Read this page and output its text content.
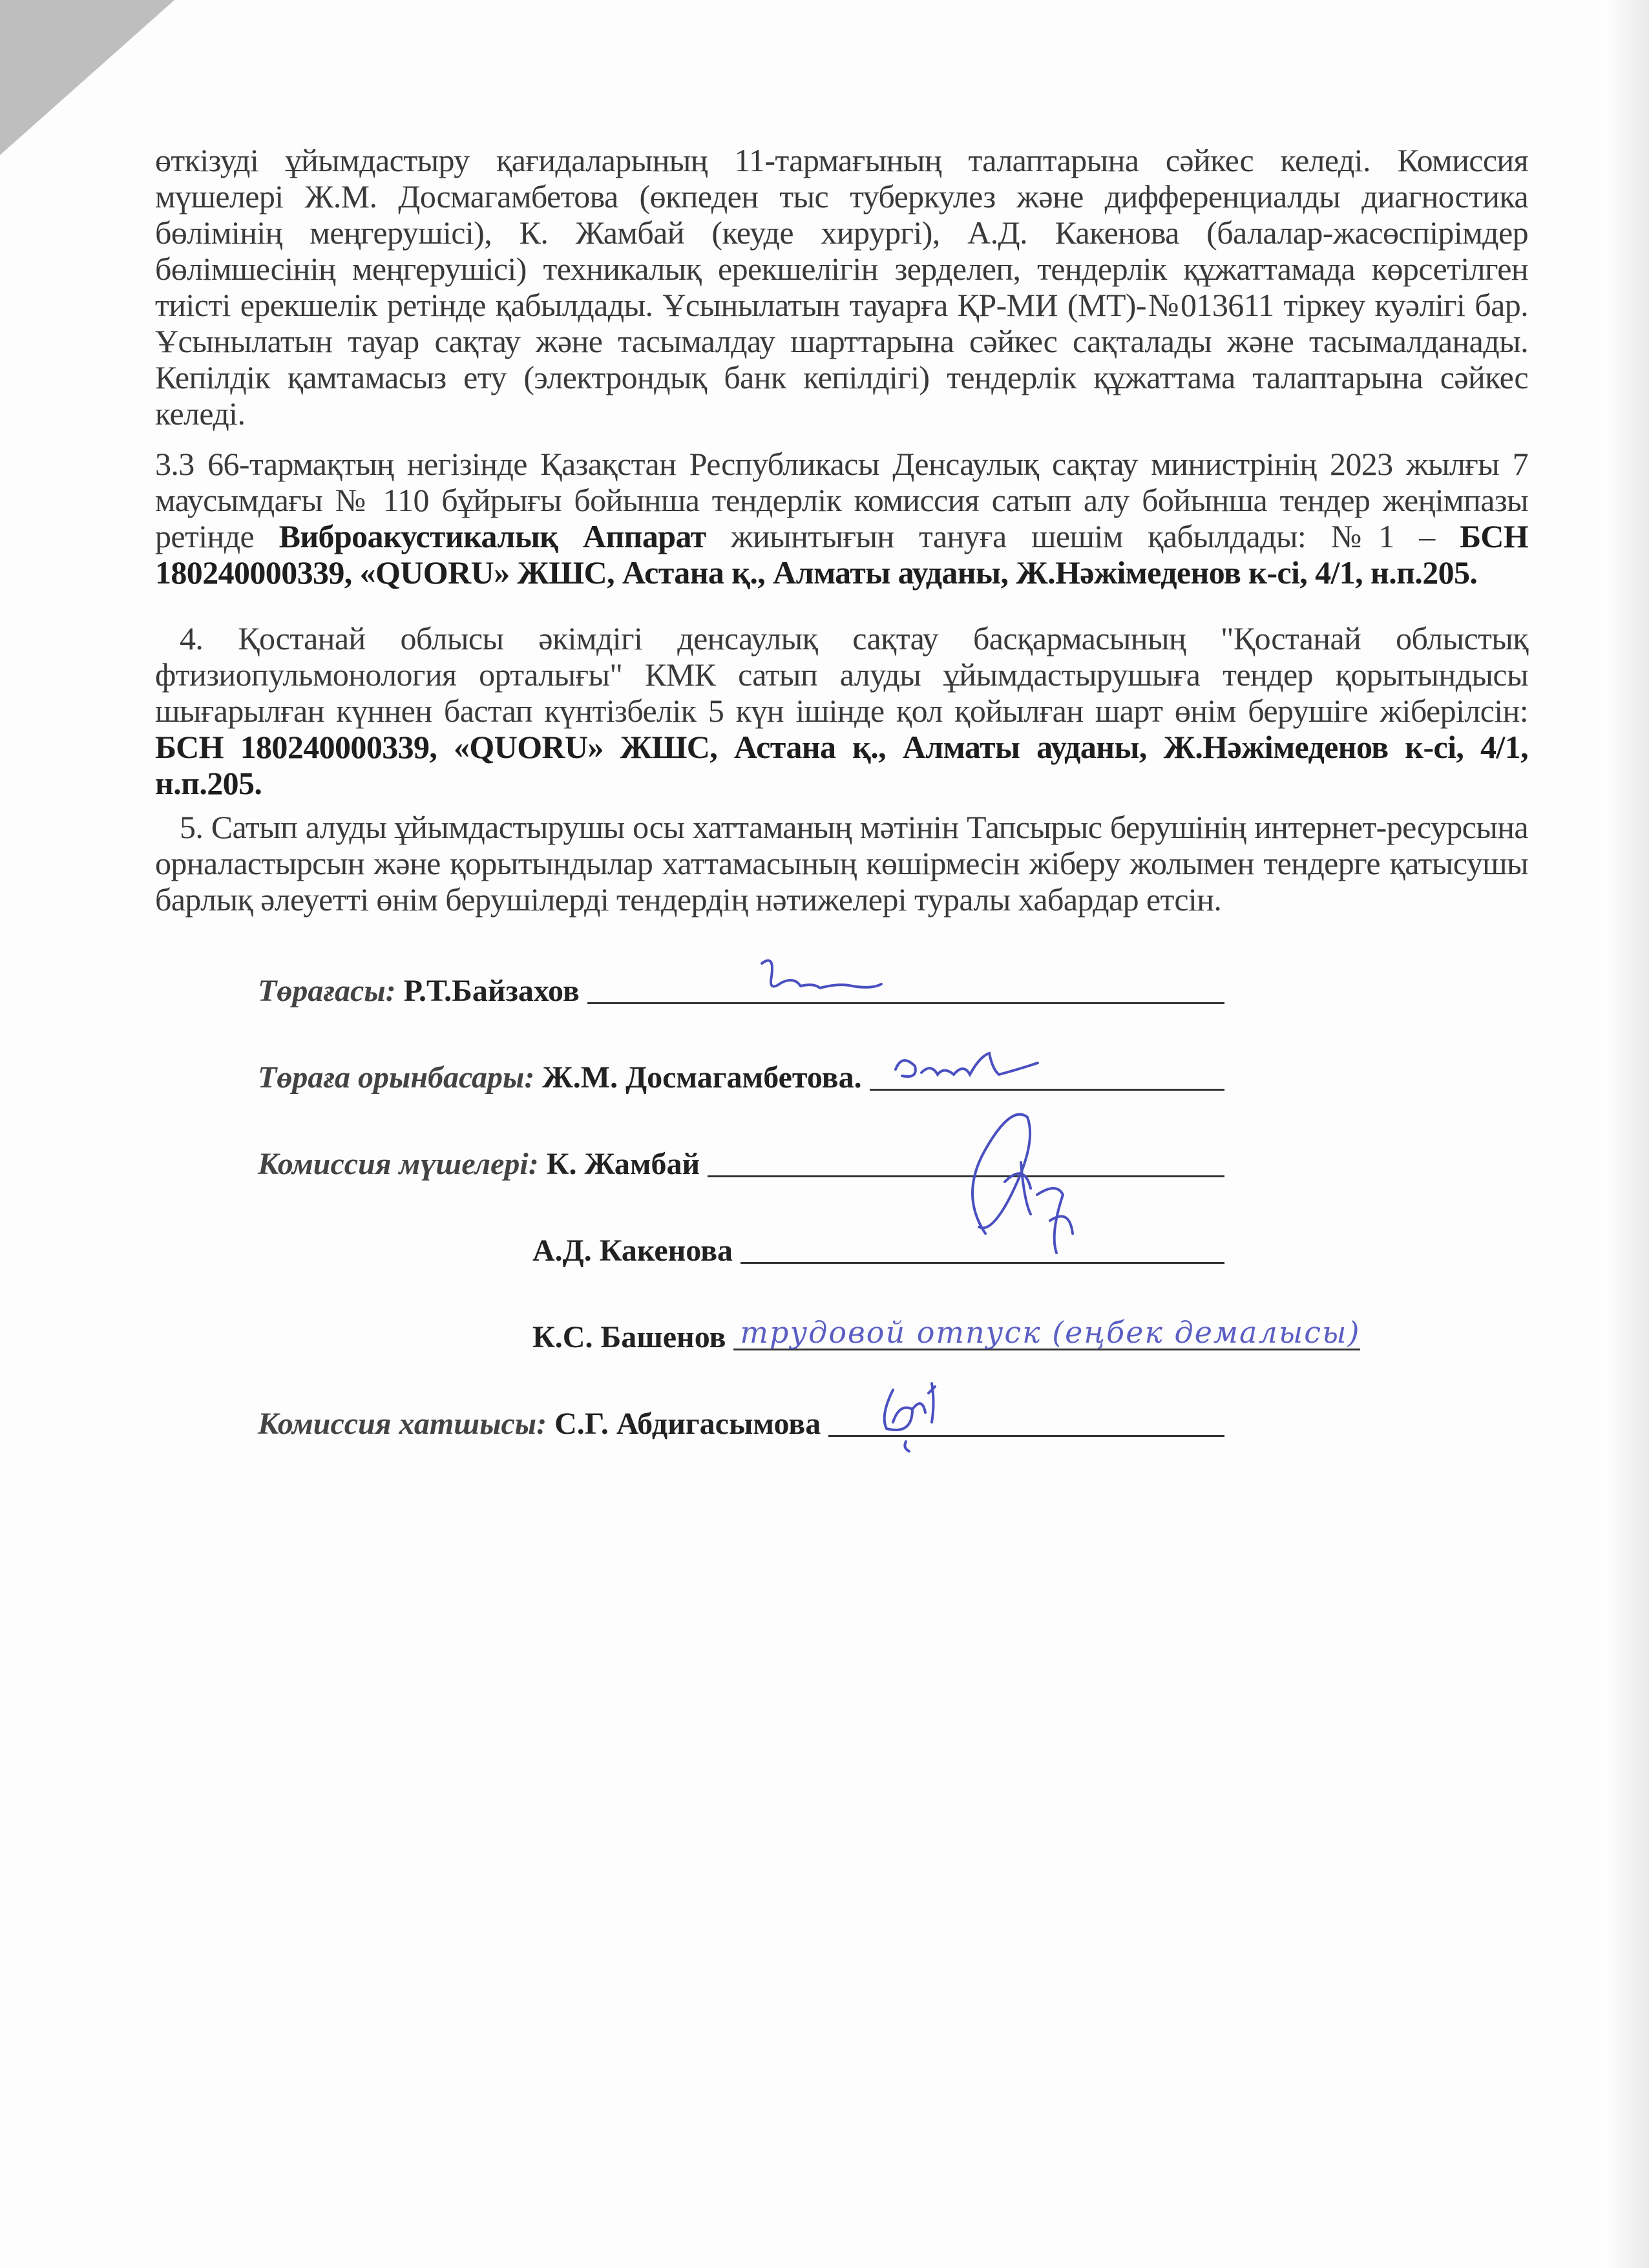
өткізуді ұйымдастыру қағидаларының 11-тармағының талаптарына сәйкес келеді. Комиссия мүшелері Ж.М. Досмагамбетова (өкпеден тыс туберкулез және дифференциалды диагностика бөлімінің меңгерушісі), К. Жамбай (кеуде хирургі), А.Д. Какенова (балалар-жасөспірімдер бөлімшесінің меңгерушісі) техникалық ерекшелігін зерделеп, тендерлік құжаттамада көрсетілген тиісті ерекшелік ретінде қабылдады. Ұсынылатын тауарға ҚР-МИ (МТ)-№013611 тіркеу куәлігі бар. Ұсынылатын тауар сақтау және тасымалдау шарттарына сәйкес сақталады және тасымалданады. Кепілдік қамтамасыз ету (электрондық банк кепілдігі) тендерлік құжаттама талаптарына сәйкес келеді.

3.3 66-тармақтың негізінде Қазақстан Республикасы Денсаулық сақтау министрінің 2023 жылғы 7 маусымдағы № 110 бұйрығы бойынша тендерлік комиссия сатып алу бойынша тендер жеңімпазы ретінде Виброакустикалық Аппарат жиынтығын тануға шешім қабылдады: №1 – БСН 180240000339, «QUORU» ЖШС, Астана қ., Алматы ауданы, Ж.Нәжімеденов к-сі, 4/1, н.п.205.

4. Қостанай облысы әкімдігі денсаулық сақтау басқармасының "Қостанай облыстық фтизиопульмонология орталығы" КМК сатып алуды ұйымдастырушыға тендер қорытындысы шығарылған күннен бастап күнтізбелік 5 күн ішінде қол қойылған шарт өнім берушіге жіберілсін: БСН 180240000339, «QUORU» ЖШС, Астана қ., Алматы ауданы, Ж.Нәжімеденов к-сі, 4/1, н.п.205.

5. Сатып алуды ұйымдастырушы осы хаттаманың мәтінін Тапсырыс берушінің интернет-ресурсына орналастырсын және қорытындылар хаттамасының көшірмесін жіберу жолымен тендерге қатысушы барлық әлеуетті өнім берушілерді тендердің нәтижелері туралы хабардар етсін.

Төрағасы: Р.Т.Байзахов
Төраға орынбасары: Ж.М. Досмагамбетова.
Комиссия мүшелері: К. Жамбай
А.Д. Какенова
К.С. Башенов трудовой отпуск (еңбек демалысы)
Комиссия хатшысы: С.Г. Абдигасымова
